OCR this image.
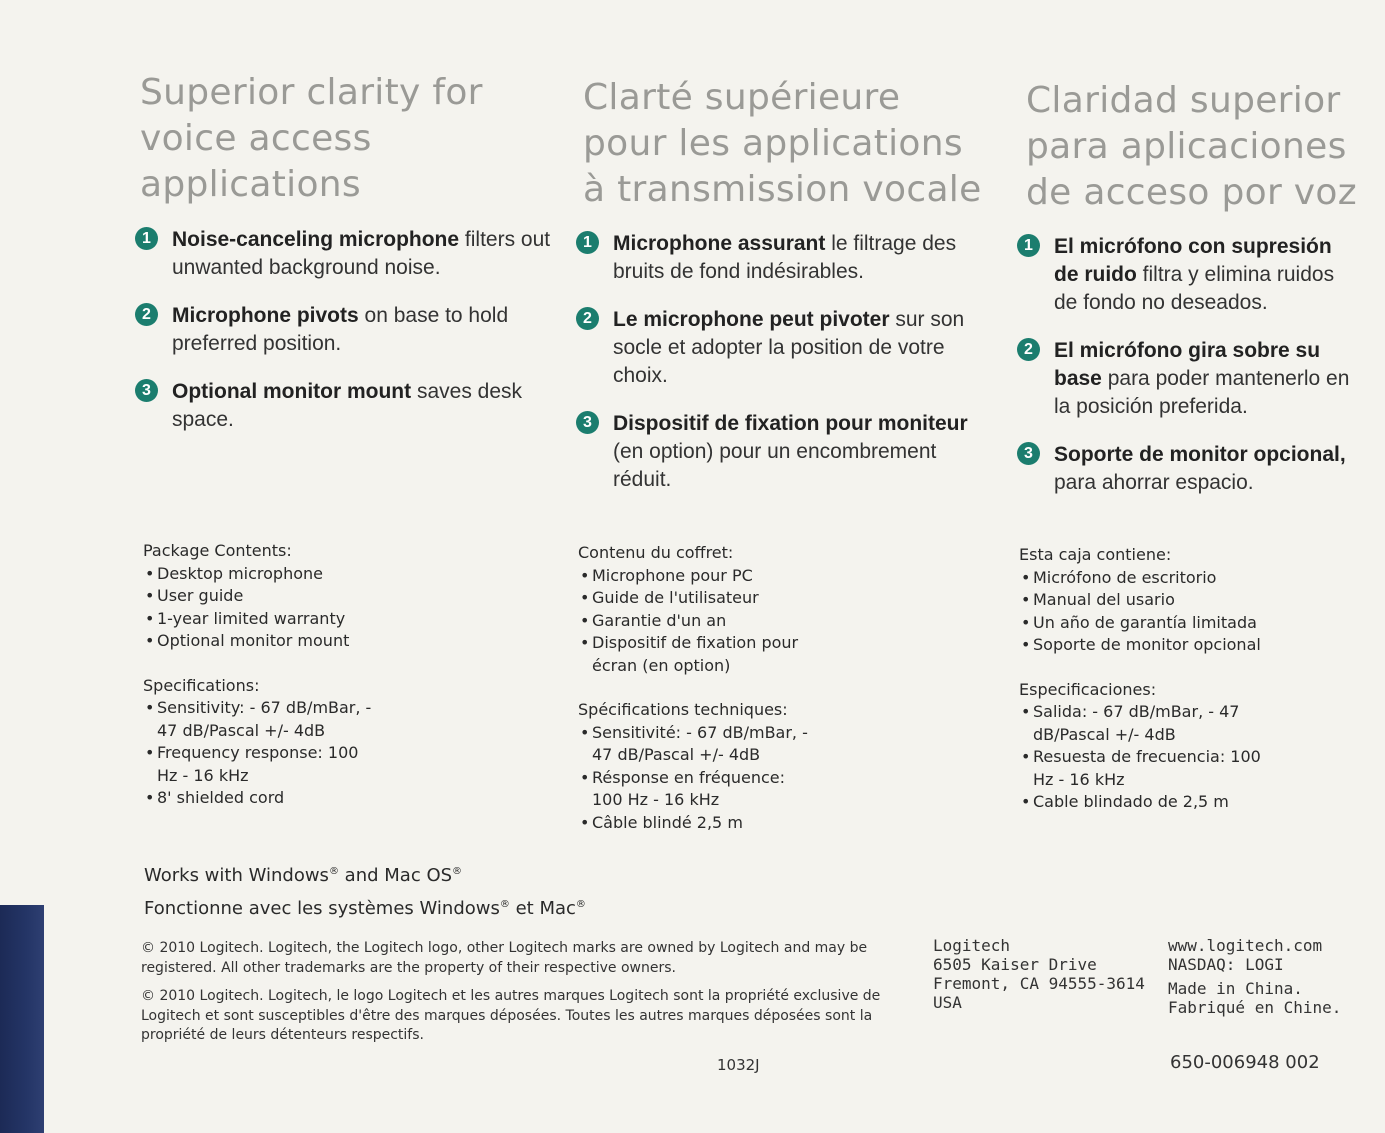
Superior clarity for
voice access
applications
1	Noise-canceling microphone filters out unwanted background noise.

2	Microphone pivots on base to hold preferred position.

3	Optional monitor mount saves desk space.

Package Contents:
• Desktop microphone
• User guide
• 1-year limited warranty
• Optional monitor mount
Specifications:
• Sensitivity: - 67 dB/mBar, - 47 dB/Pascal +/- 4dB
• Frequency response: 100 Hz - 16 kHz
• 8' shielded cord
Clarté supérieure
pour les applications
à transmission vocale
1	Microphone assurant le filtrage des bruits de fond indésirables.

2	Le microphone peut pivoter sur son socle et adopter la position de votre choix.

3	Dispositif de fixation pour moniteur (en option) pour un encombrement réduit.

Contenu du coffret:
• Microphone pour PC
• Guide de l'utilisateur
• Garantie d'un an
• Dispositif de fixation pour écran (en option)
Spécifications techniques:
• Sensitivité: - 67 dB/mBar, - 47 dB/Pascal +/- 4dB
• Résponse en fréquence: 100 Hz - 16 kHz
• Câble blindé 2,5 m
Claridad superior
para aplicaciones
de acceso por voz
1	El micrófono con supresión de ruido filtra y elimina ruidos de fondo no deseados.

2	El micrófono gira sobre su base para poder mantenerlo en la posición preferida.

3	Soporte de monitor opcional, para ahorrar espacio.

Esta caja contiene:
• Micrófono de escritorio
• Manual del usario
• Un año de garantía limitada
• Soporte de monitor opcional
Especificaciones:
• Salida: - 67 dB/mBar, - 47 dB/Pascal +/- 4dB
• Resuesta de frecuencia: 100 Hz - 16 kHz
• Cable blindado de 2,5 m
Works with Windows® and Mac OS®
Fonctionne avec les systèmes Windows® et Mac®
© 2010 Logitech. Logitech, the Logitech logo, other Logitech marks are owned by Logitech and may be registered. All other trademarks are the property of their respective owners.
© 2010 Logitech. Logitech, le logo Logitech et les autres marques Logitech sont la propriété exclusive de Logitech et sont susceptibles d'être des marques déposées. Toutes les autres marques déposées sont la propriété de leurs détenteurs respectifs.
Logitech
6505 Kaiser Drive
Fremont, CA 94555-3614
USA
www.logitech.com
NASDAQ: LOGI
Made in China.
Fabriqué en Chine.
1032J	650-006948 002
